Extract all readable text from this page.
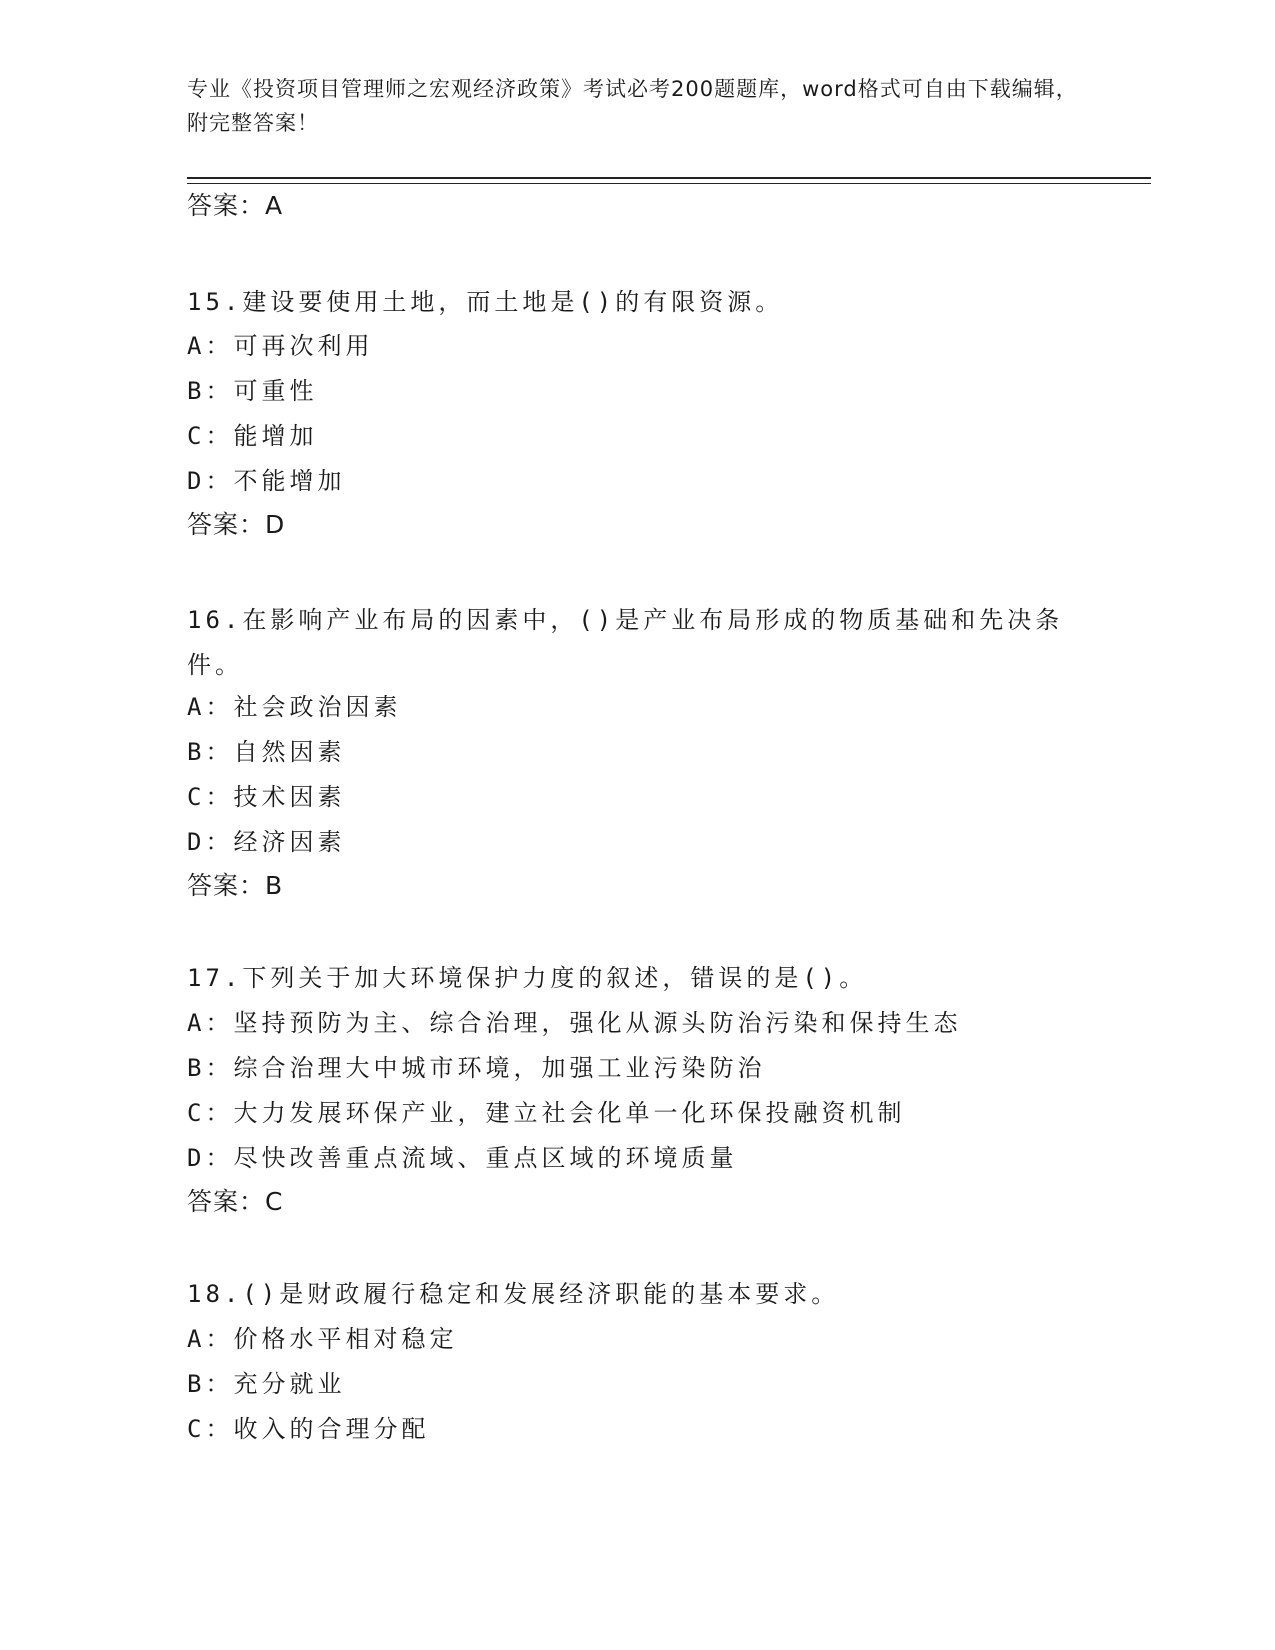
专业《投资项目管理师之宏观经济政策》考试必考200题题库，word格式可自由下载编辑，附完整答案！
答案：A
15.建设要使用土地，而土地是()的有限资源。
A：可再次利用
B：可重性
C：能增加
D：不能增加
答案：D
16.在影响产业布局的因素中，()是产业布局形成的物质基础和先决条件。
A：社会政治因素
B：自然因素
C：技术因素
D：经济因素
答案：B
17.下列关于加大环境保护力度的叙述，错误的是()。
A：坚持预防为主、综合治理，强化从源头防治污染和保持生态
B：综合治理大中城市环境，加强工业污染防治
C：大力发展环保产业，建立社会化单一化环保投融资机制
D：尽快改善重点流域、重点区域的环境质量
答案：C
18.()是财政履行稳定和发展经济职能的基本要求。
A：价格水平相对稳定
B：充分就业
C：收入的合理分配
